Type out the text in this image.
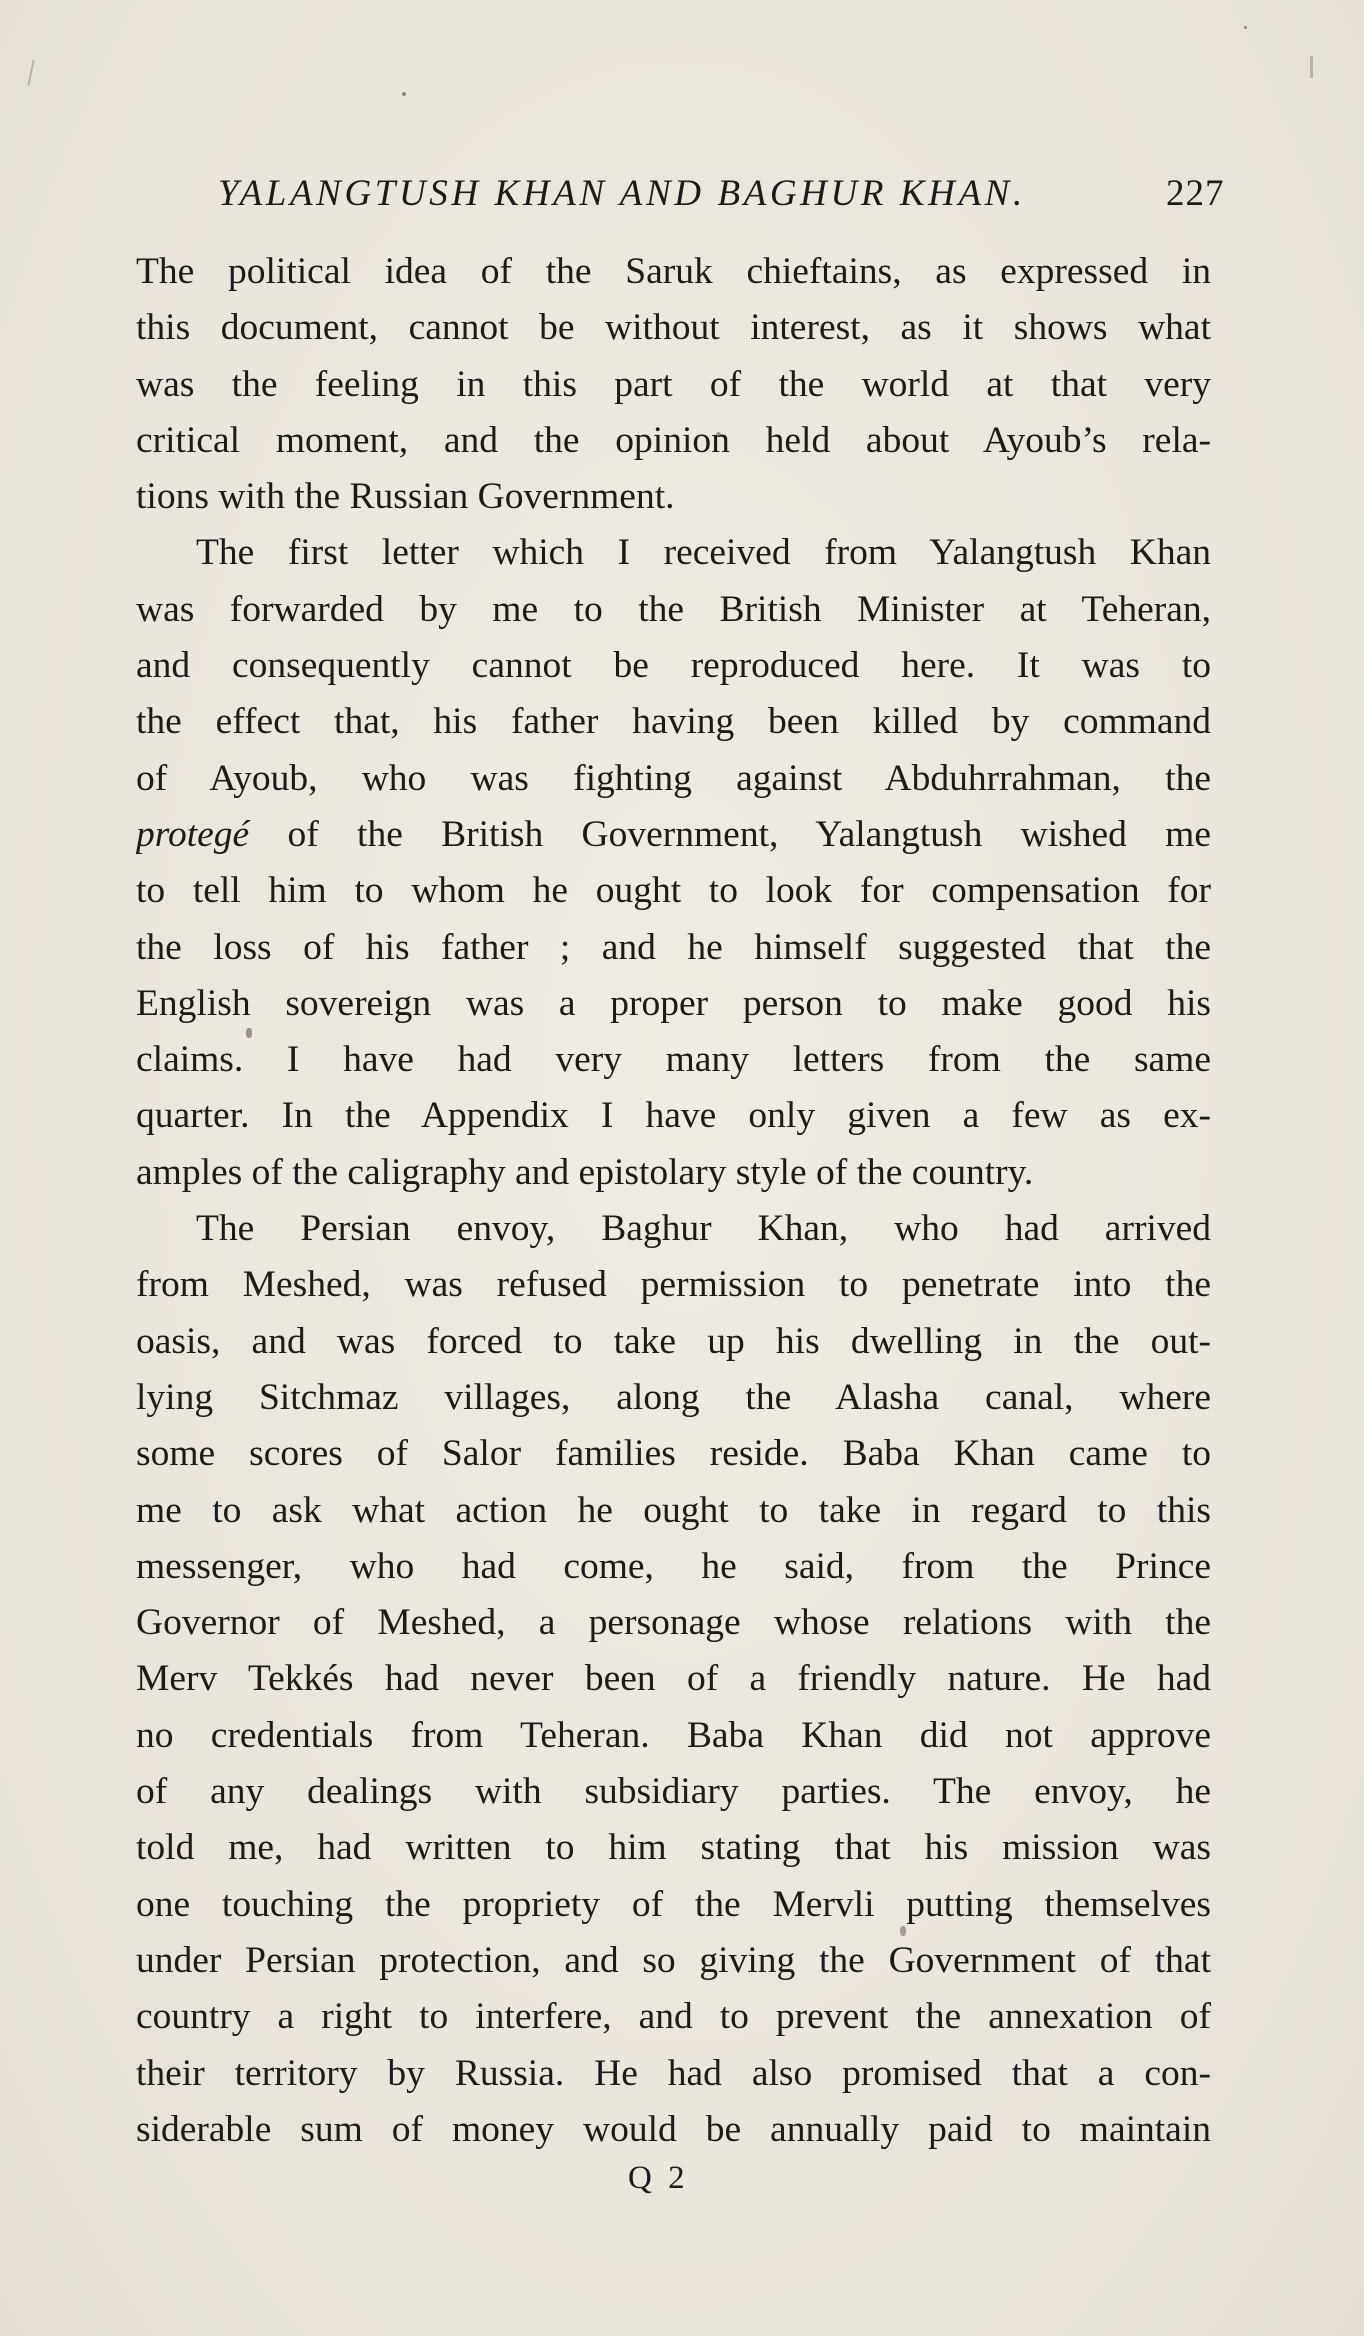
YALANGTUSH KHAN AND BAGHUR KHAN.	227
The political idea of the Saruk chieftains, as expressed in
this document, cannot be without interest, as it shows what
was the feeling in this part of the world at that very
critical moment, and the opinion held about Ayoub’s rela-
tions with the Russian Government.
The first letter which I received from Yalangtush Khan
was forwarded by me to the British Minister at Teheran,
and consequently cannot be reproduced here. It was to
the effect that, his father having been killed by command
of Ayoub, who was fighting against Abduhrrahman, the
protegé of the British Government, Yalangtush wished me
to tell him to whom he ought to look for compensation for
the loss of his father ; and he himself suggested that the
English sovereign was a proper person to make good his
claims. I have had very many letters from the same
quarter. In the Appendix I have only given a few as ex-
amples of the caligraphy and epistolary style of the country.
The Persian envoy, Baghur Khan, who had arrived
from Meshed, was refused permission to penetrate into the
oasis, and was forced to take up his dwelling in the out-
lying Sitchmaz villages, along the Alasha canal, where
some scores of Salor families reside. Baba Khan came to
me to ask what action he ought to take in regard to this
messenger, who had come, he said, from the Prince
Governor of Meshed, a personage whose relations with the
Merv Tekkés had never been of a friendly nature. He had
no credentials from Teheran. Baba Khan did not approve
of any dealings with subsidiary parties. The envoy, he
told me, had written to him stating that his mission was
one touching the propriety of the Mervli putting themselves
under Persian protection, and so giving the Government of that
country a right to interfere, and to prevent the annexation of
their territory by Russia. He had also promised that a con-
siderable sum of money would be annually paid to maintain
Q 2
